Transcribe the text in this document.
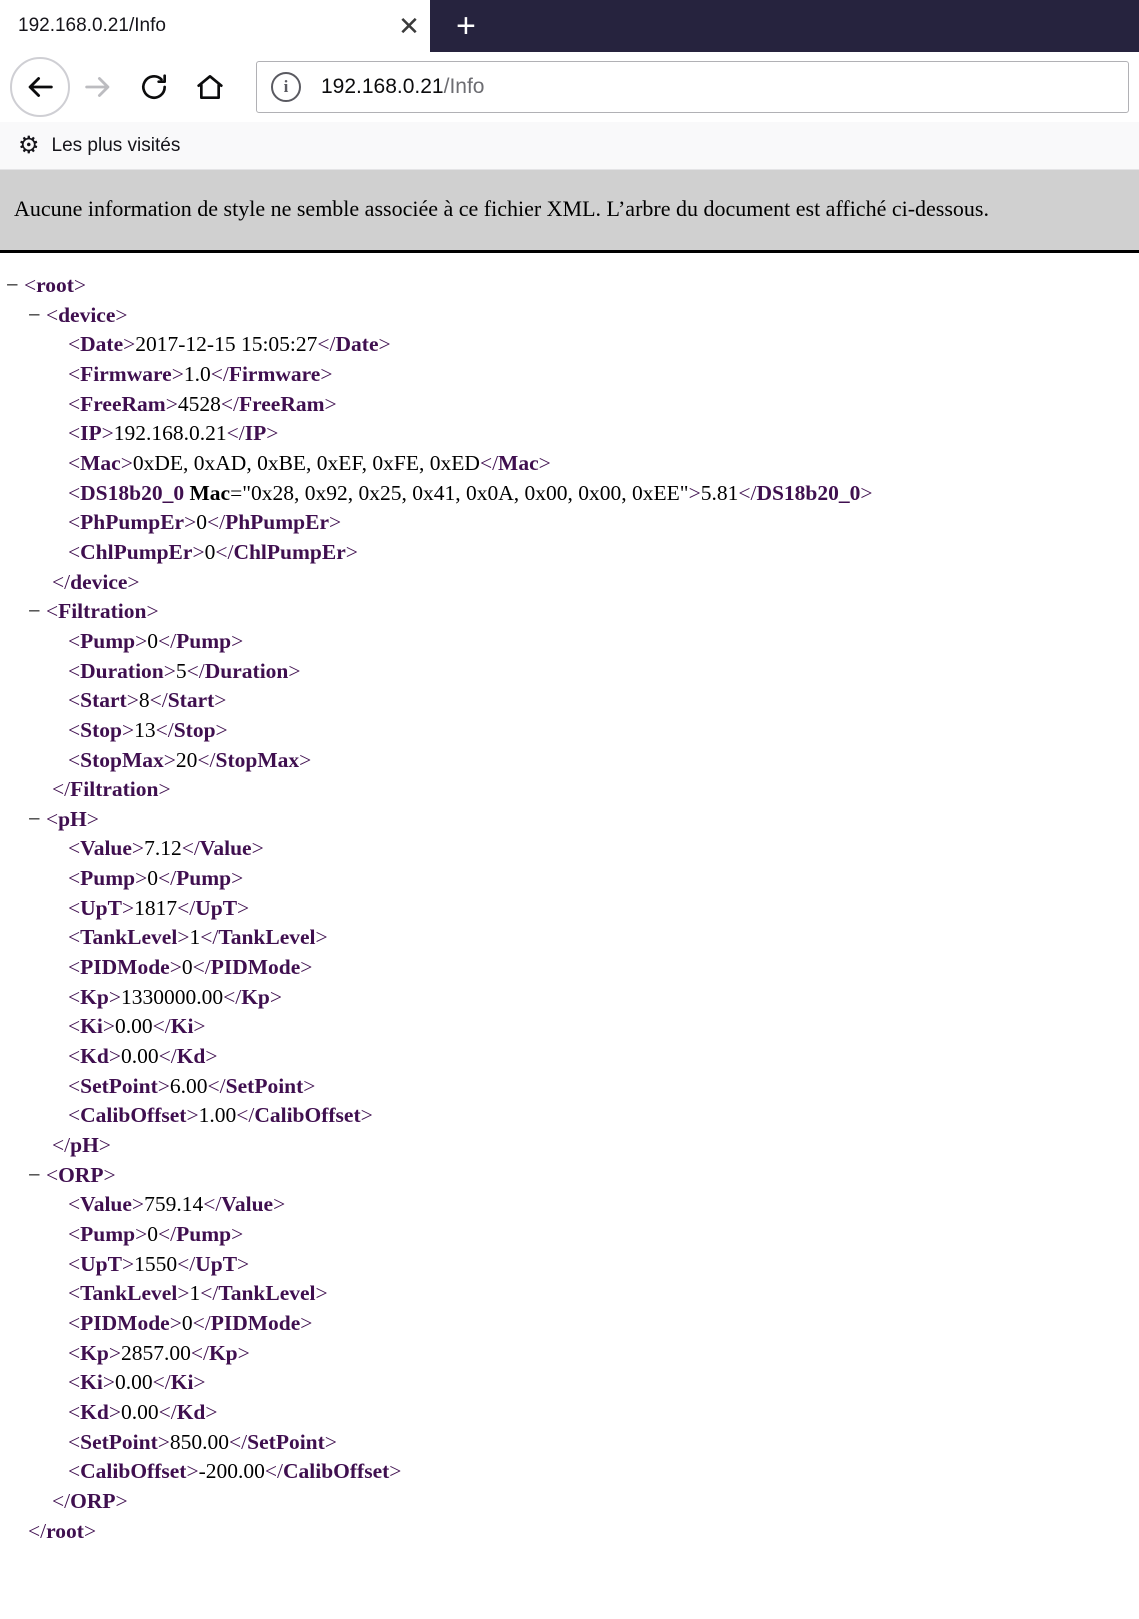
192.168.0.21/Info	✕ +
i	192.168.0.21/Info
⚙ Les plus visités
Aucune information de style ne semble associée à ce fichier XML. L’arbre du document est affiché ci-dessous.
− <root>
− <device>
<Date>2017-12-15 15:05:27</Date>
<Firmware>1.0</Firmware>
<FreeRam>4528</FreeRam>
<IP>192.168.0.21</IP>
<Mac>0xDE, 0xAD, 0xBE, 0xEF, 0xFE, 0xED</Mac>
<DS18b20_0 Mac="0x28, 0x92, 0x25, 0x41, 0x0A, 0x00, 0x00, 0xEE">5.81</DS18b20_0>
<PhPumpEr>0</PhPumpEr>
<ChlPumpEr>0</ChlPumpEr>
</device>
− <Filtration>
<Pump>0</Pump>
<Duration>5</Duration>
<Start>8</Start>
<Stop>13</Stop>
<StopMax>20</StopMax>
</Filtration>
− <pH>
<Value>7.12</Value>
<Pump>0</Pump>
<UpT>1817</UpT>
<TankLevel>1</TankLevel>
<PIDMode>0</PIDMode>
<Kp>1330000.00</Kp>
<Ki>0.00</Ki>
<Kd>0.00</Kd>
<SetPoint>6.00</SetPoint>
<CalibOffset>1.00</CalibOffset>
</pH>
− <ORP>
<Value>759.14</Value>
<Pump>0</Pump>
<UpT>1550</UpT>
<TankLevel>1</TankLevel>
<PIDMode>0</PIDMode>
<Kp>2857.00</Kp>
<Ki>0.00</Ki>
<Kd>0.00</Kd>
<SetPoint>850.00</SetPoint>
<CalibOffset>-200.00</CalibOffset>
</ORP>
</root>
